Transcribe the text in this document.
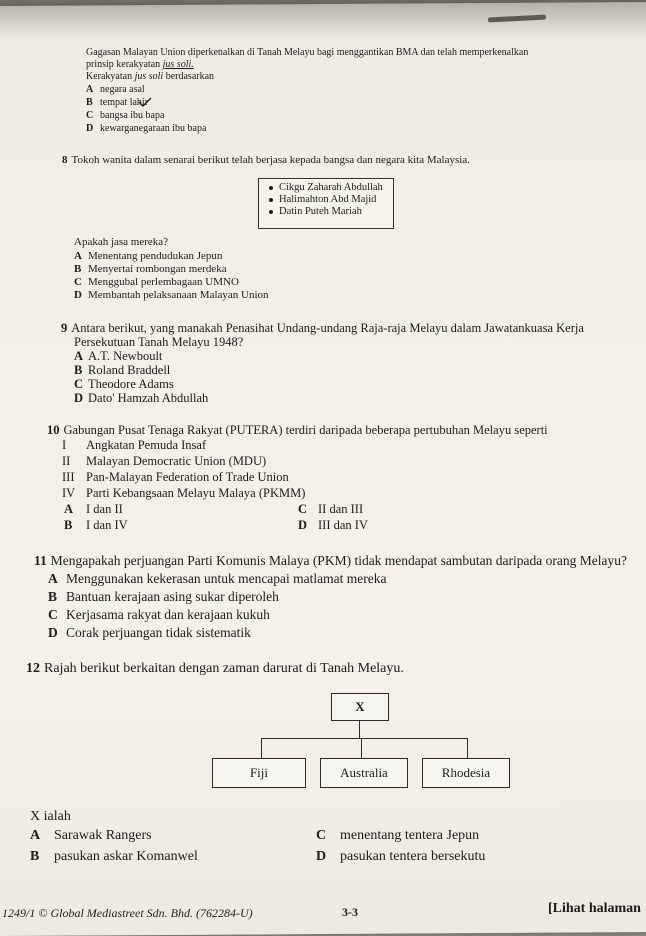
Gagasan Malayan Union diperkenalkan di Tanah Melayu bagi menggantikan BMA dan telah memperkenalkan
prinsip kerakyatan jus soli.
Kerakyatan jus soli berdasarkan
A negara asal
B tempat lahir
C bangsa ibu bapa
D kewarganegaraan ibu bapa
8 Tokoh wanita dalam senarai berikut telah berjasa kepada bangsa dan negara kita Malaysia.
Cikgu Zaharah Abdullah
Halimahton Abd Majid
Datin Puteh Mariah
Apakah jasa mereka?
A Menentang pendudukan Jepun
B Menyertai rombongan merdeka
C Menggubal perlembagaan UMNO
D Membantah pelaksanaan Malayan Union
9 Antara berikut, yang manakah Penasihat Undang-undang Raja-raja Melayu dalam Jawatankuasa Kerja
Persekutuan Tanah Melayu 1948?
A A.T. Newboult
B Roland Braddell
C Theodore Adams
D Dato' Hamzah Abdullah
10 Gabungan Pusat Tenaga Rakyat (PUTERA) terdiri daripada beberapa pertubuhan Melayu seperti
I Angkatan Pemuda Insaf
II Malayan Democratic Union (MDU)
III Pan-Malayan Federation of Trade Union
IV Parti Kebangsaan Melayu Malaya (PKMM)
A I dan II
B I dan IV
C II dan III
D III dan IV
11 Mengapakah perjuangan Parti Komunis Malaya (PKM) tidak mendapat sambutan daripada orang Melayu?
A Menggunakan kekerasan untuk mencapai matlamat mereka
B Bantuan kerajaan asing sukar diperoleh
C Kerjasama rakyat dan kerajaan kukuh
D Corak perjuangan tidak sistematik
12 Rajah berikut berkaitan dengan zaman darurat di Tanah Melayu.
X
Fiji	Australia	Rhodesia
X ialah
A Sarawak Rangers
B pasukan askar Komanwel
C menentang tentera Jepun
D pasukan tentera bersekutu
1249/1 © Global Mediastreet Sdn. Bhd. (762284-U)	3-3	[Lihat halaman
